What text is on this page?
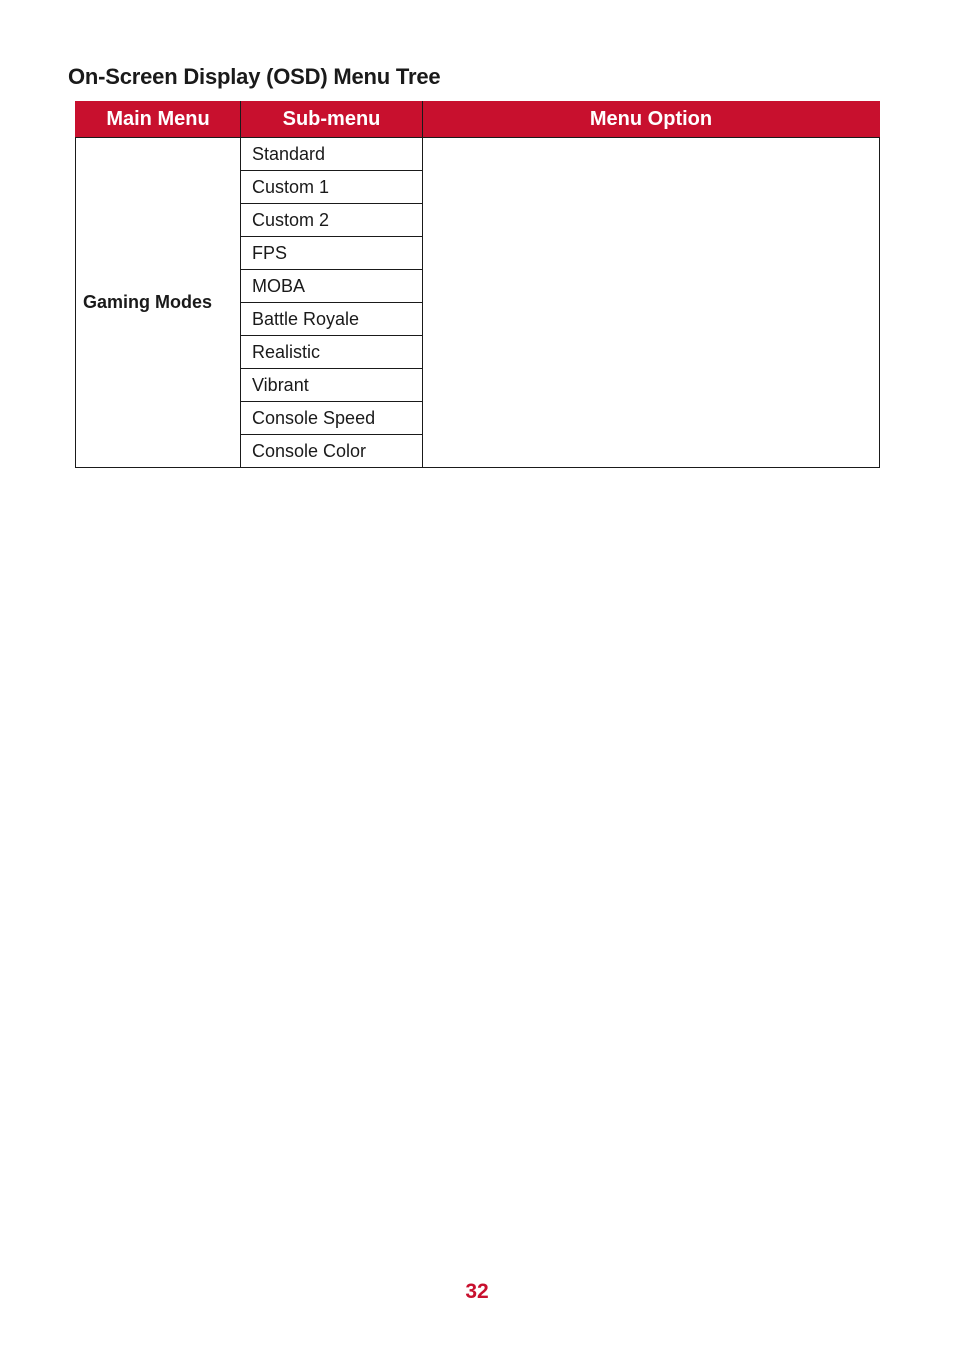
On-Screen Display (OSD) Menu Tree
Main Menu	Sub-menu	Menu Option
Gaming Modes	Standard	
	Custom 1	
	Custom 2	
	FPS	
	MOBA	
	Battle Royale	
	Realistic	
	Vibrant	
	Console Speed	
	Console Color	
32
